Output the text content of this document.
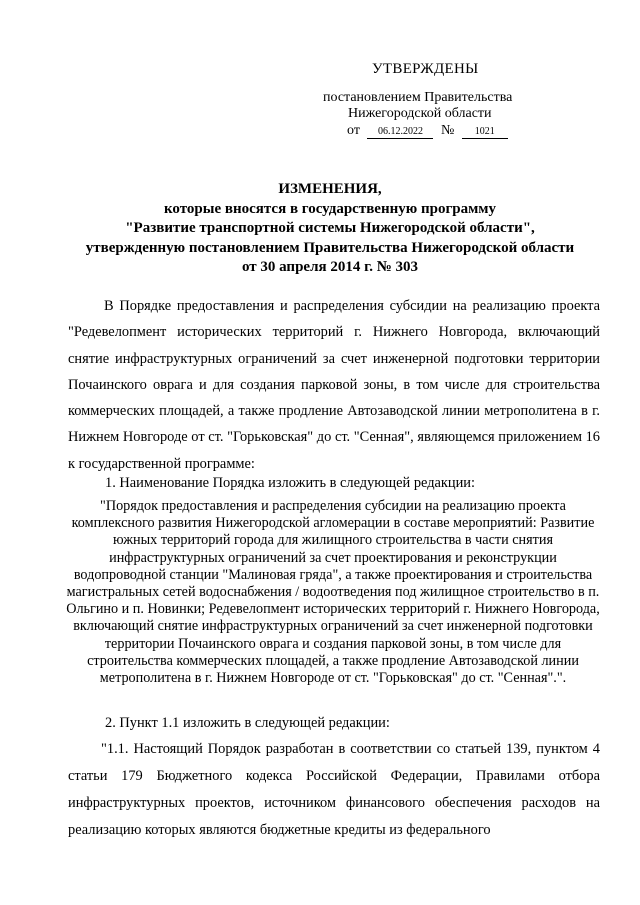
УТВЕРЖДЕНЫ
постановлением Правительства
Нижегородской области
от 06.12.2022 № 1021
ИЗМЕНЕНИЯ,
которые вносятся в государственную программу
"Развитие транспортной системы Нижегородской области",
утвержденную постановлением Правительства Нижегородской области
от 30 апреля 2014 г. № 303
В Порядке предоставления и распределения субсидии на реализацию проекта "Редевелопмент исторических территорий г. Нижнего Новгорода, включающий снятие инфраструктурных ограничений за счет инженерной подготовки территории Почаинского оврага и для создания парковой зоны, в том числе для строительства коммерческих площадей, а также продление Автозаводской линии метрополитена в г. Нижнем Новгороде от ст. "Горьковская" до ст. "Сенная", являющемся приложением 16 к государственной программе:
1. Наименование Порядка изложить в следующей редакции:
"Порядок предоставления и распределения субсидии на реализацию проекта комплексного развития Нижегородской агломерации в составе мероприятий: Развитие южных территорий города для жилищного строительства в части снятия инфраструктурных ограничений за счет проектирования и реконструкции водопроводной станции "Малиновая гряда", а также проектирования и строительства магистральных сетей водоснабжения / водоотведения под жилищное строительство в п. Ольгино и п. Новинки; Редевелопмент исторических территорий г. Нижнего Новгорода, включающий снятие инфраструктурных ограничений за счет инженерной подготовки территории Почаинского оврага и создания парковой зоны, в том числе для строительства коммерческих площадей, а также продление Автозаводской линии метрополитена в г. Нижнем Новгороде от ст. "Горьковская" до ст. "Сенная".".
2. Пункт 1.1 изложить в следующей редакции:
"1.1. Настоящий Порядок разработан в соответствии со статьей 139, пунктом 4 статьи 179 Бюджетного кодекса Российской Федерации, Правилами отбора инфраструктурных проектов, источником финансового обеспечения расходов на реализацию которых являются бюджетные кредиты из федерального
